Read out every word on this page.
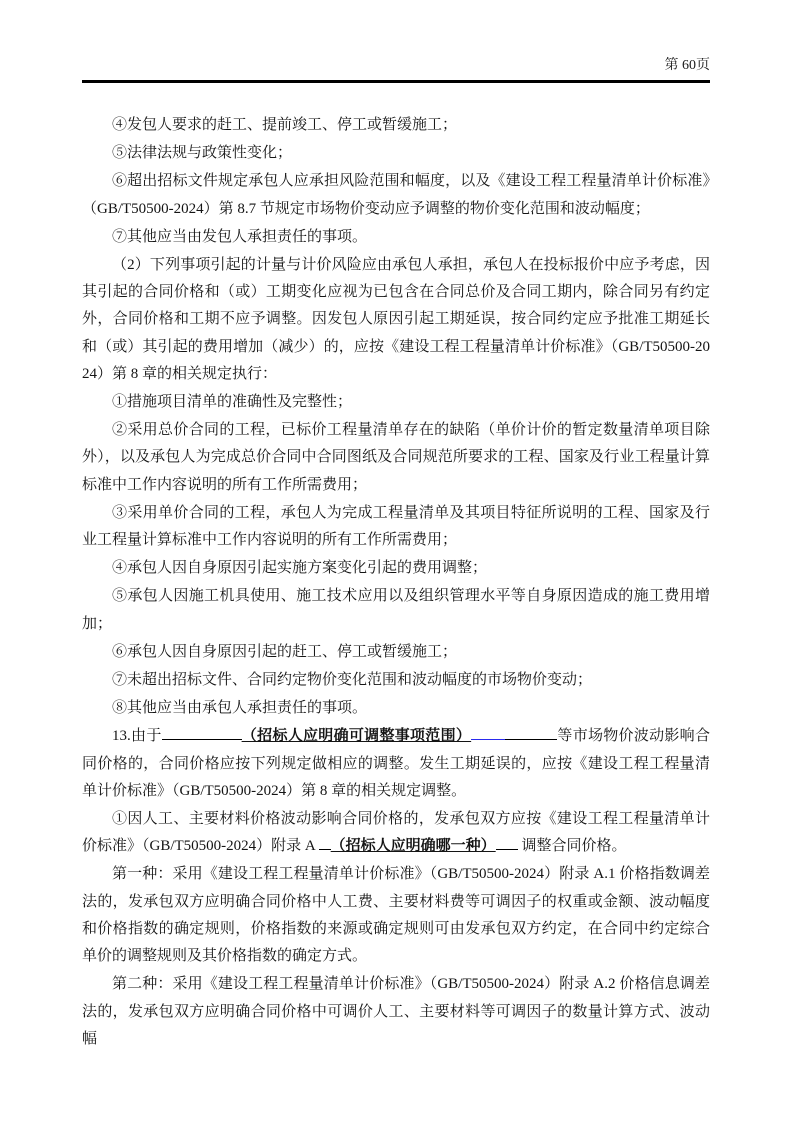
第 60页

④发包人要求的赶工、提前竣工、停工或暂缓施工；

⑤法律法规与政策性变化；

⑥超出招标文件规定承包人应承担风险范围和幅度，以及《建设工程工程量清单计价标准》（GB/T50500-2024）第 8.7 节规定市场物价变动应予调整的物价变化范围和波动幅度；

⑦其他应当由发包人承担责任的事项。

（2）下列事项引起的计量与计价风险应由承包人承担，承包人在投标报价中应予考虑，因其引起的合同价格和（或）工期变化应视为已包含在合同总价及合同工期内，除合同另有约定外，合同价格和工期不应予调整。因发包人原因引起工期延误，按合同约定应予批准工期延长和（或）其引起的费用增加（减少）的，应按《建设工程工程量清单计价标准》（GB/T50500-2024）第 8 章的相关规定执行：

①措施项目清单的准确性及完整性；

②采用总价合同的工程，已标价工程量清单存在的缺陷（单价计价的暂定数量清单项目除外），以及承包人为完成总价合同中合同图纸及合同规范所要求的工程、国家及行业工程量计算标准中工作内容说明的所有工作所需费用；

③采用单价合同的工程，承包人为完成工程量清单及其项目特征所说明的工程、国家及行业工程量计算标准中工作内容说明的所有工作所需费用；

④承包人因自身原因引起实施方案变化引起的费用调整；

⑤承包人因施工机具使用、施工技术应用以及组织管理水平等自身原因造成的施工费用增加；

⑥承包人因自身原因引起的赶工、停工或暂缓施工；

⑦未超出招标文件、合同约定物价变化范围和波动幅度的市场物价变动；

⑧其他应当由承包人承担责任的事项。

13.由于	（招标人应明确可调整事项范围）	等市场物价波动影响合同价格的，合同价格应按下列规定做相应的调整。发生工期延误的，应按《建设工程工程量清单计价标准》（GB/T50500-2024）第 8 章的相关规定调整。

①因人工、主要材料价格波动影响合同价格的，发承包双方应按《建设工程工程量清单计价标准》（GB/T50500-2024）附录 A （招标人应明确哪一种） 调整合同价格。

第一种：采用《建设工程工程量清单计价标准》（GB/T50500-2024）附录 A.1 价格指数调差法的，发承包双方应明确合同价格中人工费、主要材料费等可调因子的权重或金额、波动幅度和价格指数的确定规则，价格指数的来源或确定规则可由发承包双方约定，在合同中约定综合单价的调整规则及其价格指数的确定方式。

第二种：采用《建设工程工程量清单计价标准》（GB/T50500-2024）附录 A.2 价格信息调差法的，发承包双方应明确合同价格中可调价人工、主要材料等可调因子的数量计算方式、波动幅
